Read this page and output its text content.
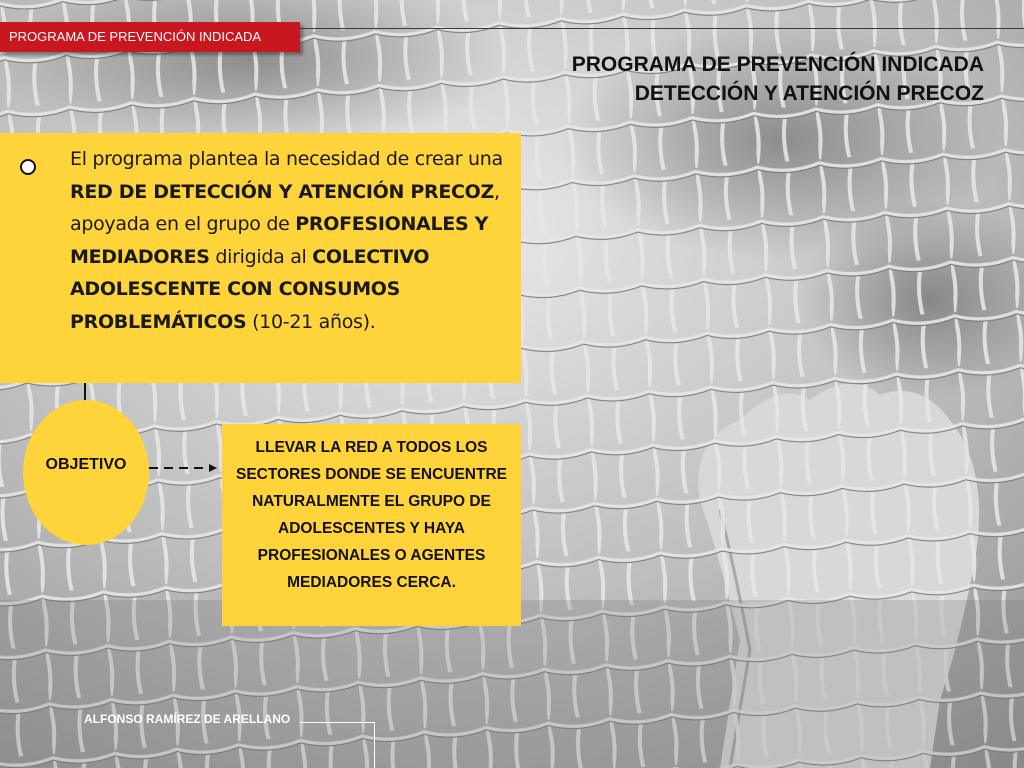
PROGRAMA DE PREVENCIÓN INDICADA
PROGRAMA DE PREVENCIÓN INDICADA
DETECCIÓN Y ATENCIÓN PRECOZ
El programa plantea la necesidad de crear una RED DE DETECCIÓN Y ATENCIÓN PRECOZ, apoyada en el grupo de PROFESIONALES Y MEDIADORES dirigida al COLECTIVO ADOLESCENTE CON CONSUMOS PROBLEMÁTICOS (10-21 años).
OBJETIVO
LLEVAR LA RED A TODOS LOS SECTORES DONDE SE ENCUENTRE NATURALMENTE EL GRUPO DE ADOLESCENTES Y HAYA PROFESIONALES O AGENTES MEDIADORES CERCA.
ALFONSO RAMÍREZ DE ARELLANO
